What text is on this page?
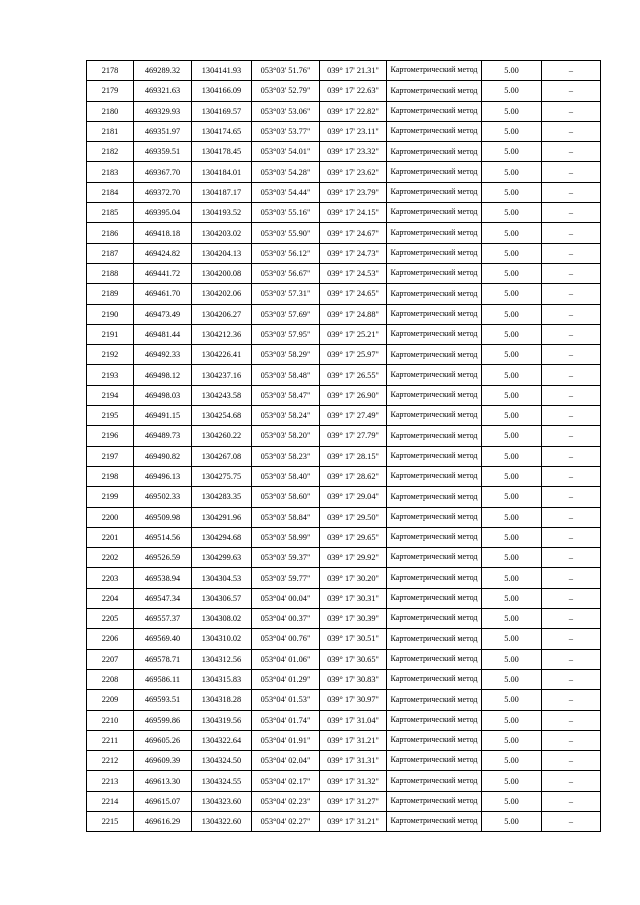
2178	469289.32	1304141.93	053°03' 51.76"	039° 17' 21.31"	Картометрический метод	5.00	–
2179	469321.63	1304166.09	053°03' 52.79"	039° 17' 22.63"	Картометрический метод	5.00	–
2180	469329.93	1304169.57	053°03' 53.06"	039° 17' 22.82"	Картометрический метод	5.00	–
2181	469351.97	1304174.65	053°03' 53.77"	039° 17' 23.11"	Картометрический метод	5.00	–
2182	469359.51	1304178.45	053°03' 54.01"	039° 17' 23.32"	Картометрический метод	5.00	–
2183	469367.70	1304184.01	053°03' 54.28"	039° 17' 23.62"	Картометрический метод	5.00	–
2184	469372.70	1304187.17	053°03' 54.44"	039° 17' 23.79"	Картометрический метод	5.00	–
2185	469395.04	1304193.52	053°03' 55.16"	039° 17' 24.15"	Картометрический метод	5.00	–
2186	469418.18	1304203.02	053°03' 55.90"	039° 17' 24.67"	Картометрический метод	5.00	–
2187	469424.82	1304204.13	053°03' 56.12"	039° 17' 24.73"	Картометрический метод	5.00	–
2188	469441.72	1304200.08	053°03' 56.67"	039° 17' 24.53"	Картометрический метод	5.00	–
2189	469461.70	1304202.06	053°03' 57.31"	039° 17' 24.65"	Картометрический метод	5.00	–
2190	469473.49	1304206.27	053°03' 57.69"	039° 17' 24.88"	Картометрический метод	5.00	–
2191	469481.44	1304212.36	053°03' 57.95"	039° 17' 25.21"	Картометрический метод	5.00	–
2192	469492.33	1304226.41	053°03' 58.29"	039° 17' 25.97"	Картометрический метод	5.00	–
2193	469498.12	1304237.16	053°03' 58.48"	039° 17' 26.55"	Картометрический метод	5.00	–
2194	469498.03	1304243.58	053°03' 58.47"	039° 17' 26.90"	Картометрический метод	5.00	–
2195	469491.15	1304254.68	053°03' 58.24"	039° 17' 27.49"	Картометрический метод	5.00	–
2196	469489.73	1304260.22	053°03' 58.20"	039° 17' 27.79"	Картометрический метод	5.00	–
2197	469490.82	1304267.08	053°03' 58.23"	039° 17' 28.15"	Картометрический метод	5.00	–
2198	469496.13	1304275.75	053°03' 58.40"	039° 17' 28.62"	Картометрический метод	5.00	–
2199	469502.33	1304283.35	053°03' 58.60"	039° 17' 29.04"	Картометрический метод	5.00	–
2200	469509.98	1304291.96	053°03' 58.84"	039° 17' 29.50"	Картометрический метод	5.00	–
2201	469514.56	1304294.68	053°03' 58.99"	039° 17' 29.65"	Картометрический метод	5.00	–
2202	469526.59	1304299.63	053°03' 59.37"	039° 17' 29.92"	Картометрический метод	5.00	–
2203	469538.94	1304304.53	053°03' 59.77"	039° 17' 30.20"	Картометрический метод	5.00	–
2204	469547.34	1304306.57	053°04' 00.04"	039° 17' 30.31"	Картометрический метод	5.00	–
2205	469557.37	1304308.02	053°04' 00.37"	039° 17' 30.39"	Картометрический метод	5.00	–
2206	469569.40	1304310.02	053°04' 00.76"	039° 17' 30.51"	Картометрический метод	5.00	–
2207	469578.71	1304312.56	053°04' 01.06"	039° 17' 30.65"	Картометрический метод	5.00	–
2208	469586.11	1304315.83	053°04' 01.29"	039° 17' 30.83"	Картометрический метод	5.00	–
2209	469593.51	1304318.28	053°04' 01.53"	039° 17' 30.97"	Картометрический метод	5.00	–
2210	469599.86	1304319.56	053°04' 01.74"	039° 17' 31.04"	Картометрический метод	5.00	–
2211	469605.26	1304322.64	053°04' 01.91"	039° 17' 31.21"	Картометрический метод	5.00	–
2212	469609.39	1304324.50	053°04' 02.04"	039° 17' 31.31"	Картометрический метод	5.00	–
2213	469613.30	1304324.55	053°04' 02.17"	039° 17' 31.32"	Картометрический метод	5.00	–
2214	469615.07	1304323.60	053°04' 02.23"	039° 17' 31.27"	Картометрический метод	5.00	–
2215	469616.29	1304322.60	053°04' 02.27"	039° 17' 31.21"	Картометрический метод	5.00	–
